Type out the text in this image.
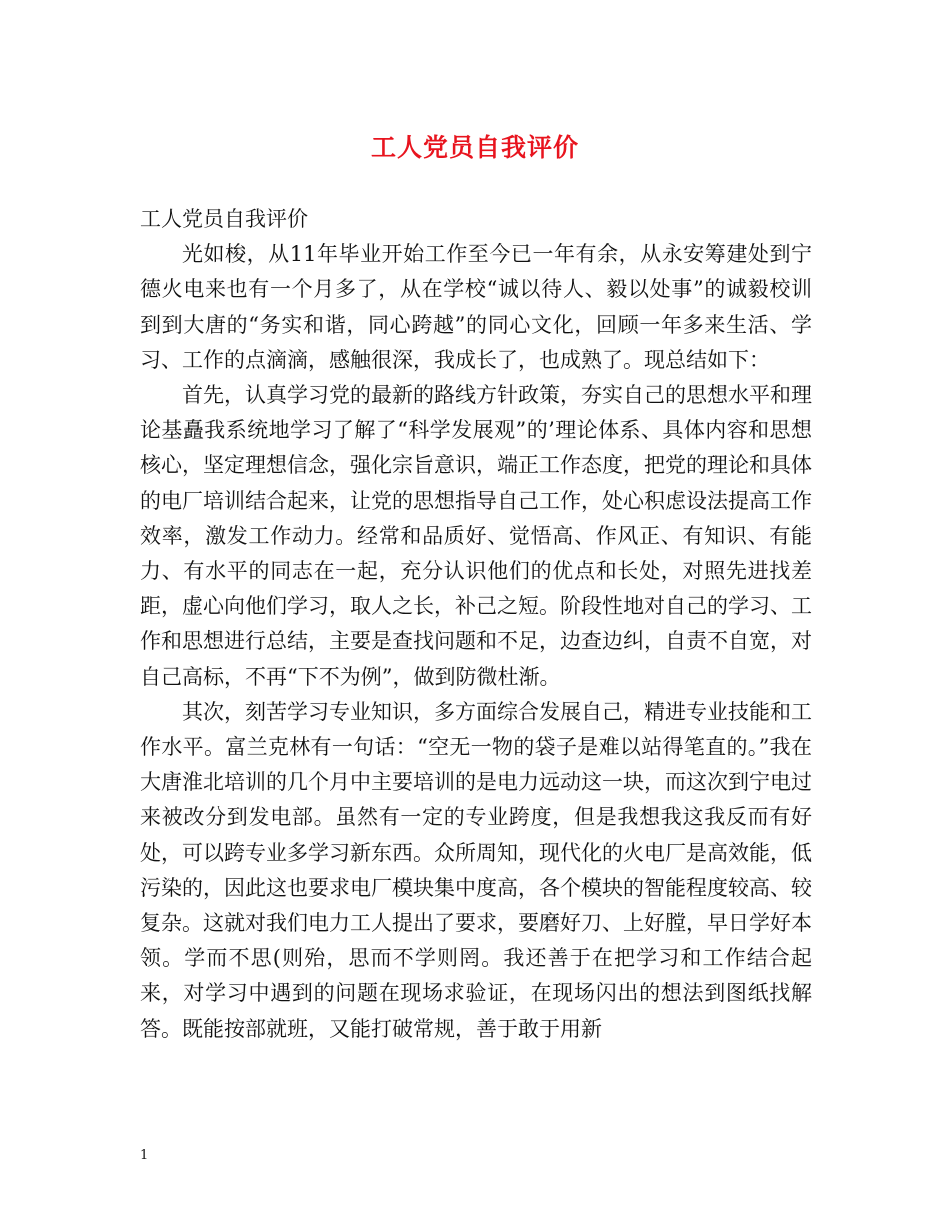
工人党员自我评价

工人党员自我评价

光如梭，从11年毕业开始工作至今已一年有余，从永安筹建处到宁德火电来也有一个月多了，从在学校“诚以待人、毅以处事”的诚毅校训到到大唐的“务实和谐，同心跨越”的同心文化，回顾一年多来生活、学习、工作的点滴滴，感触很深，我成长了，也成熟了。现总结如下：

首先，认真学习党的最新的路线方针政策，夯实自己的思想水平和理论基矗我系统地学习了解了“科学发展观”的’理论体系、具体内容和思想核心，坚定理想信念，强化宗旨意识，端正工作态度，把党的理论和具体的电厂培训结合起来，让党的思想指导自己工作，处心积虑设法提高工作效率，激发工作动力。经常和品质好、觉悟高、作风正、有知识、有能力、有水平的同志在一起，充分认识他们的优点和长处，对照先进找差距，虚心向他们学习，取人之长，补己之短。阶段性地对自己的学习、工作和思想进行总结，主要是查找问题和不足，边查边纠，自责不自宽，对自己高标，不再“下不为例”，做到防微杜渐。

其次，刻苦学习专业知识，多方面综合发展自己，精进专业技能和工作水平。富兰克林有一句话：“空无一物的袋子是难以站得笔直的。”我在大唐淮北培训的几个月中主要培训的是电力远动这一块，而这次到宁电过来被改分到发电部。虽然有一定的专业跨度，但是我想我这我反而有好处，可以跨专业多学习新东西。众所周知，现代化的火电厂是高效能，低污染的，因此这也要求电厂模块集中度高，各个模块的智能程度较高、较复杂。这就对我们电力工人提出了要求，要磨好刀、上好膛，早日学好本领。学而不思(则殆，思而不学则罔。我还善于在把学习和工作结合起来，对学习中遇到的问题在现场求验证，在现场闪出的想法到图纸找解答。既能按部就班，又能打破常规，善于敢于用新

1
